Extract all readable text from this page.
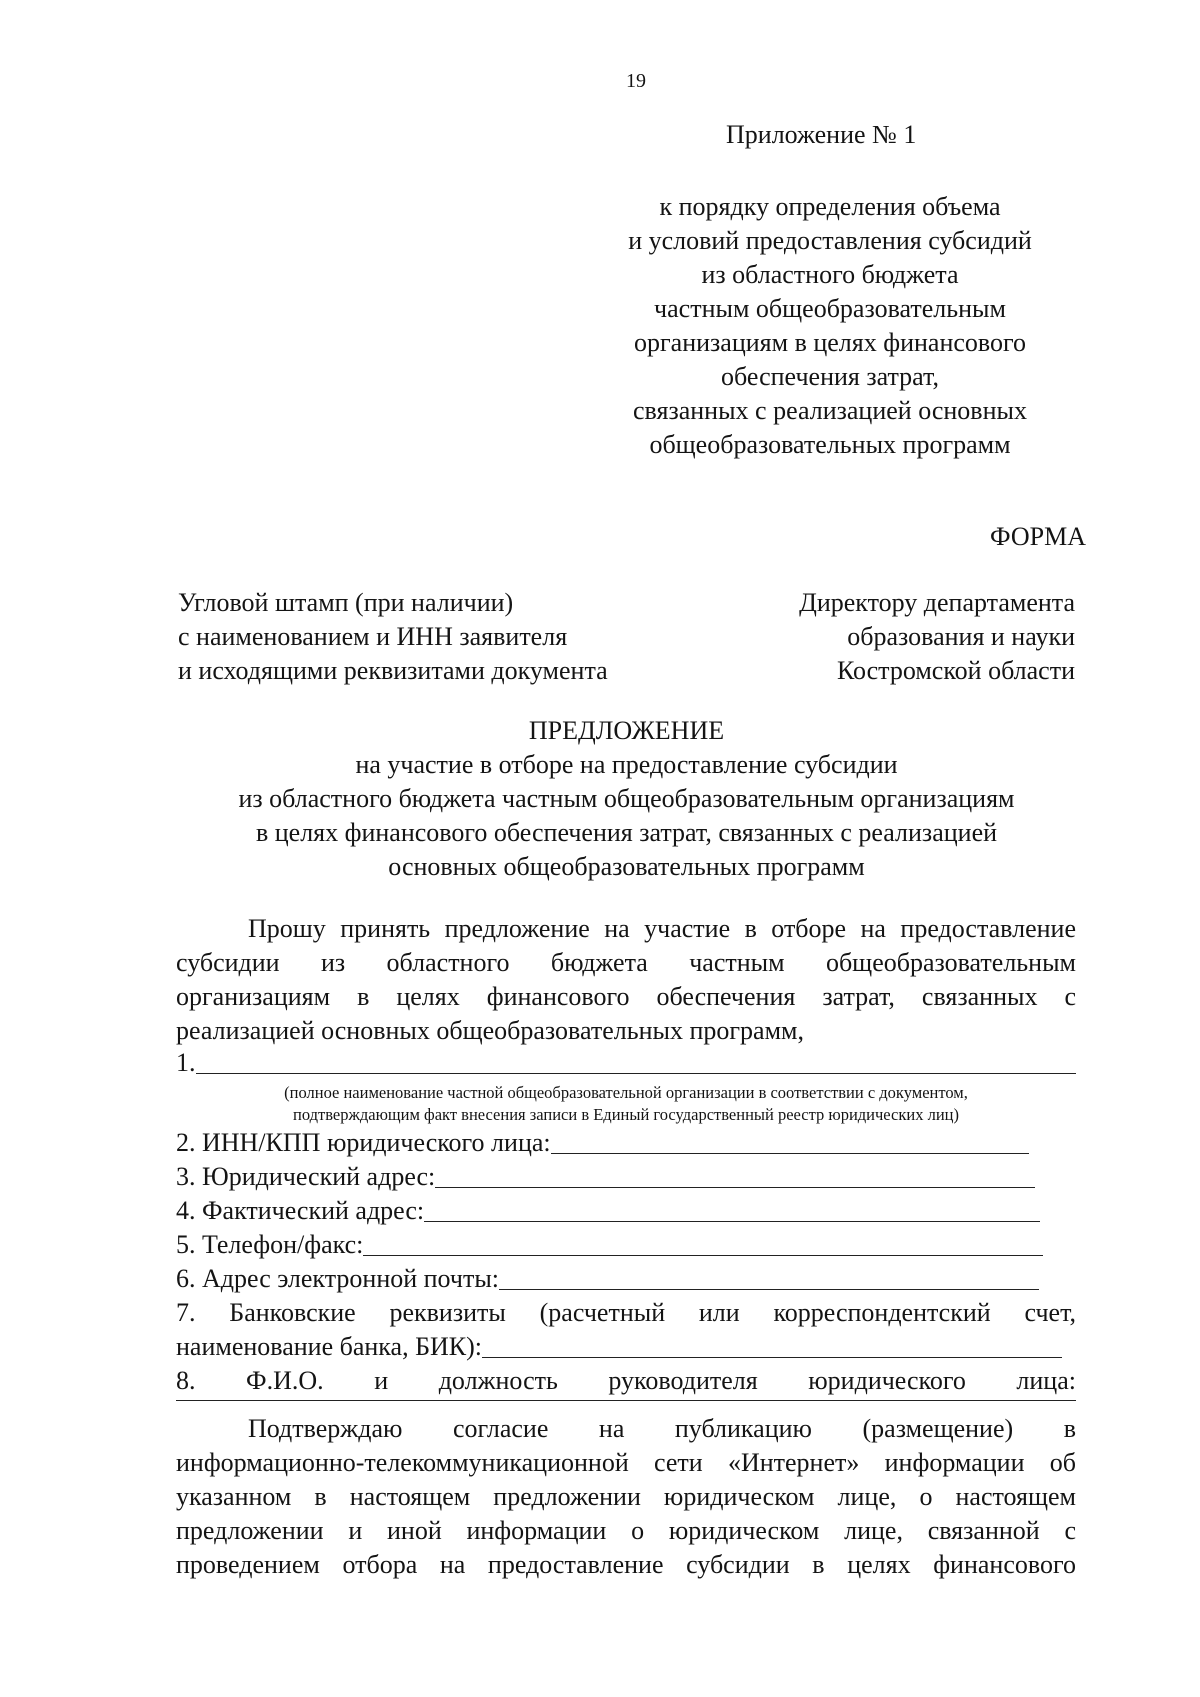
19
Приложение № 1
к порядку определения объема
и условий предоставления субсидий
из областного бюджета
частным общеобразовательным
организациям в целях финансового
обеспечения затрат,
связанных с реализацией основных
общеобразовательных программ
ФОРМА
Угловой штамп (при наличии)
с наименованием и ИНН заявителя
и исходящими реквизитами документа
Директору департамента
образования и науки
Костромской области
ПРЕДЛОЖЕНИЕ
на участие в отборе на предоставление субсидии
из областного бюджета частным общеобразовательным организациям
в целях финансового обеспечения затрат, связанных с реализацией
основных общеобразовательных программ
Прошу принять предложение на участие в отборе на предоставление
субсидии из областного бюджета частным общеобразовательным
организациям в целях финансового обеспечения затрат, связанных с
реализацией основных общеобразовательных программ,
1.
(полное наименование частной общеобразовательной организации в соответствии с документом,
подтверждающим факт внесения записи в Единый государственный реестр юридических лиц)
2. ИНН/КПП юридического лица:
3. Юридический адрес:
4. Фактический адрес:
5. Телефон/факс:
6. Адрес электронной почты:
7. Банковские реквизиты (расчетный или корреспондентский счет,
наименование банка, БИК):
8. Ф.И.О. и должность руководителя юридического лица:
Подтверждаю согласие на публикацию (размещение) в
информационно-телекоммуникационной сети «Интернет» информации об
указанном в настоящем предложении юридическом лице, о настоящем
предложении и иной информации о юридическом лице, связанной с
проведением отбора на предоставление субсидии в целях финансового
